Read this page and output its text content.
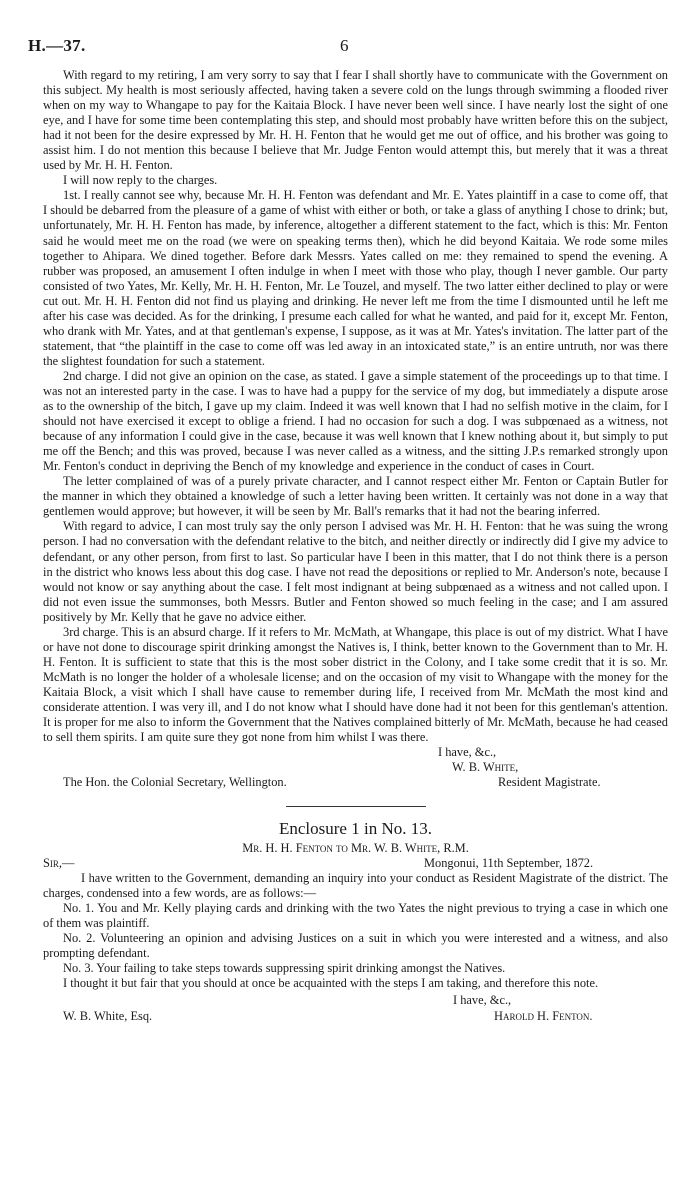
H.—37.	6

With regard to my retiring, I am very sorry to say that I fear I shall shortly have to communicate with the Government on this subject. My health is most seriously affected, having taken a severe cold on the lungs through swimming a flooded river when on my way to Whangape to pay for the Kaitaia Block. I have never been well since. I have nearly lost the sight of one eye, and I have for some time been contemplating this step, and should most probably have written before this on the subject, had it not been for the desire expressed by Mr. H. H. Fenton that he would get me out of office, and his brother was going to assist him. I do not mention this because I believe that Mr. Judge Fenton would attempt this, but merely that it was a threat used by Mr. H. H. Fenton.

I will now reply to the charges.

1st. I really cannot see why, because Mr. H. H. Fenton was defendant and Mr. E. Yates plaintiff in a case to come off, that I should be debarred from the pleasure of a game of whist with either or both, or take a glass of anything I chose to drink; but, unfortunately, Mr. H. H. Fenton has made, by inference, altogether a different statement to the fact, which is this: Mr. Fenton said he would meet me on the road (we were on speaking terms then), which he did beyond Kaitaia. We rode some miles together to Ahipara. We dined together. Before dark Messrs. Yates called on me: they remained to spend the evening. A rubber was proposed, an amusement I often indulge in when I meet with those who play, though I never gamble. Our party consisted of two Yates, Mr. Kelly, Mr. H. H. Fenton, Mr. Le Touzel, and myself. The two latter either declined to play or were cut out. Mr. H. H. Fenton did not find us playing and drinking. He never left me from the time I dismounted until he left me after his case was decided. As for the drinking, I presume each called for what he wanted, and paid for it, except Mr. Fenton, who drank with Mr. Yates, and at that gentleman's expense, I suppose, as it was at Mr. Yates's invitation. The latter part of the statement, that “the plaintiff in the case to come off was led away in an intoxicated state,” is an entire untruth, nor was there the slightest foundation for such a statement.

2nd charge. I did not give an opinion on the case, as stated. I gave a simple statement of the proceedings up to that time. I was not an interested party in the case. I was to have had a puppy for the service of my dog, but immediately a dispute arose as to the ownership of the bitch, I gave up my claim. Indeed it was well known that I had no selfish motive in the claim, for I should not have exercised it except to oblige a friend. I had no occasion for such a dog. I was subpœnaed as a witness, not because of any information I could give in the case, because it was well known that I knew nothing about it, but simply to put me off the Bench; and this was proved, because I was never called as a witness, and the sitting J.P.s remarked strongly upon Mr. Fenton's conduct in depriving the Bench of my knowledge and experience in the conduct of cases in Court.

The letter complained of was of a purely private character, and I cannot respect either Mr. Fenton or Captain Butler for the manner in which they obtained a knowledge of such a letter having been written. It certainly was not done in a way that gentlemen would approve; but however, it will be seen by Mr. Ball's remarks that it had not the bearing inferred.

With regard to advice, I can most truly say the only person I advised was Mr. H. H. Fenton: that he was suing the wrong person. I had no conversation with the defendant relative to the bitch, and neither directly or indirectly did I give my advice to defendant, or any other person, from first to last. So particular have I been in this matter, that I do not think there is a person in the district who knows less about this dog case. I have not read the depositions or replied to Mr. Anderson's note, because I would not know or say anything about the case. I felt most indignant at being subpœnaed as a witness and not called upon. I did not even issue the summonses, both Messrs. Butler and Fenton showed so much feeling in the case; and I am assured positively by Mr. Kelly that he gave no advice either.

3rd charge. This is an absurd charge. If it refers to Mr. McMath, at Whangape, this place is out of my district. What I have or have not done to discourage spirit drinking amongst the Natives is, I think, better known to the Government than to Mr. H. H. Fenton. It is sufficient to state that this is the most sober district in the Colony, and I take some credit that it is so. Mr. McMath is no longer the holder of a wholesale license; and on the occasion of my visit to Whangape with the money for the Kaitaia Block, a visit which I shall have cause to remember during life, I received from Mr. McMath the most kind and considerate attention. I was very ill, and I do not know what I should have done had it not been for this gentleman's attention. It is proper for me also to inform the Government that the Natives complained bitterly of Mr. McMath, because he had ceased to sell them spirits. I am quite sure they got none from him whilst I was there.

I have, &c.,
W. B. White,
The Hon. the Colonial Secretary, Wellington.	Resident Magistrate.
Enclosure 1 in No. 13.
Mr. H. H. Fenton to Mr. W. B. White, R.M.
Sir,—	Mongonui, 11th September, 1872.

I have written to the Government, demanding an inquiry into your conduct as Resident Magistrate of the district. The charges, condensed into a few words, are as follows:—

No. 1. You and Mr. Kelly playing cards and drinking with the two Yates the night previous to trying a case in which one of them was plaintiff.

No. 2. Volunteering an opinion and advising Justices on a suit in which you were interested and a witness, and also prompting defendant.

No. 3. Your failing to take steps towards suppressing spirit drinking amongst the Natives.

I thought it but fair that you should at once be acquainted with the steps I am taking, and therefore this note.

I have, &c.,
W. B. White, Esq.	Harold H. Fenton.
